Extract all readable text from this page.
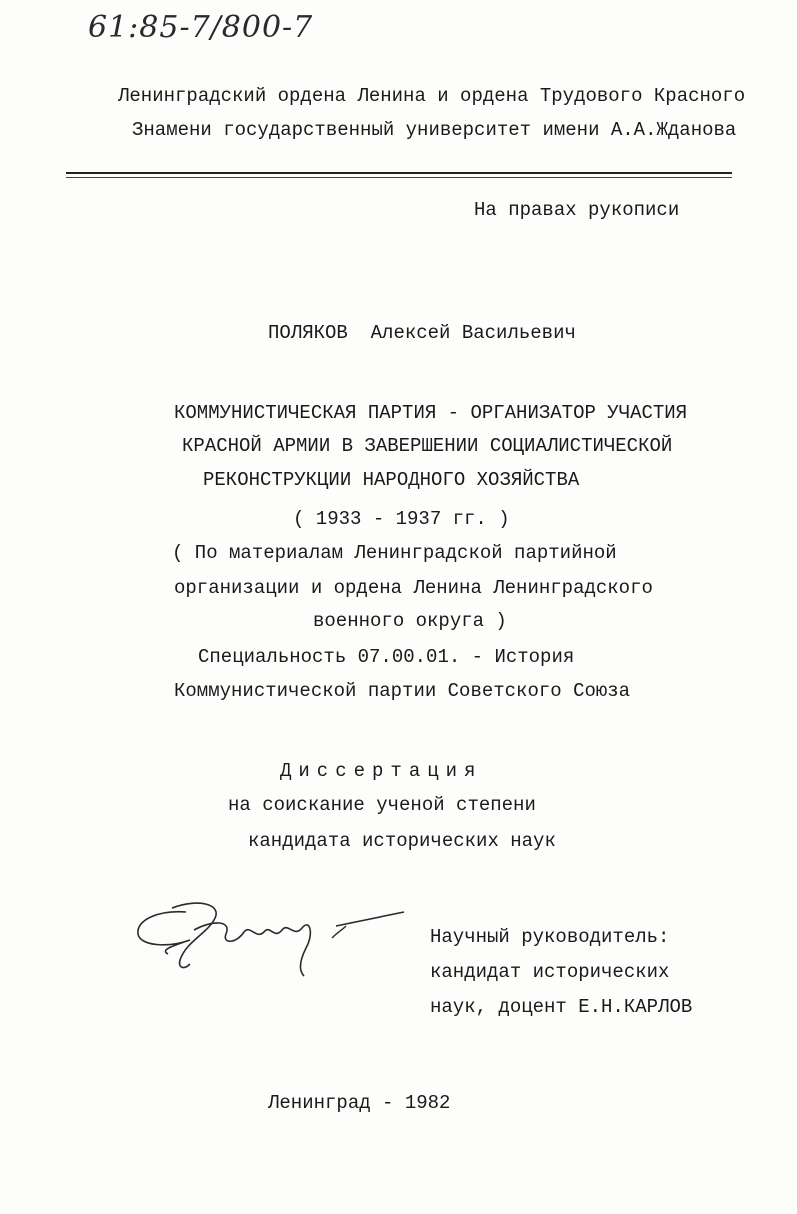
61:85-7/800-7
Ленинградский ордена Ленина и ордена Трудового Красного
Знамени государственный университет имени А.А.Жданова
На правах рукописи
ПОЛЯКОВ Алексей Васильевич
КОММУНИСТИЧЕСКАЯ ПАРТИЯ - ОРГАНИЗАТОР УЧАСТИЯ
КРАСНОЙ АРМИИ В ЗАВЕРШЕНИИ СОЦИАЛИСТИЧЕСКОЙ
РЕКОНСТРУКЦИИ НАРОДНОГО ХОЗЯЙСТВА
( 1933 - 1937 гг. )
( По материалам Ленинградской партийной
организации и ордена Ленина Ленинградского
военного округа )
Специальность 07.00.01. - История
Коммунистической партии Советского Союза
Диссертация
на соискание ученой степени
кандидата исторических наук
Научный руководитель:
кандидат исторических
наук, доцент Е.Н.КАРЛОВ
Ленинград - 1982
